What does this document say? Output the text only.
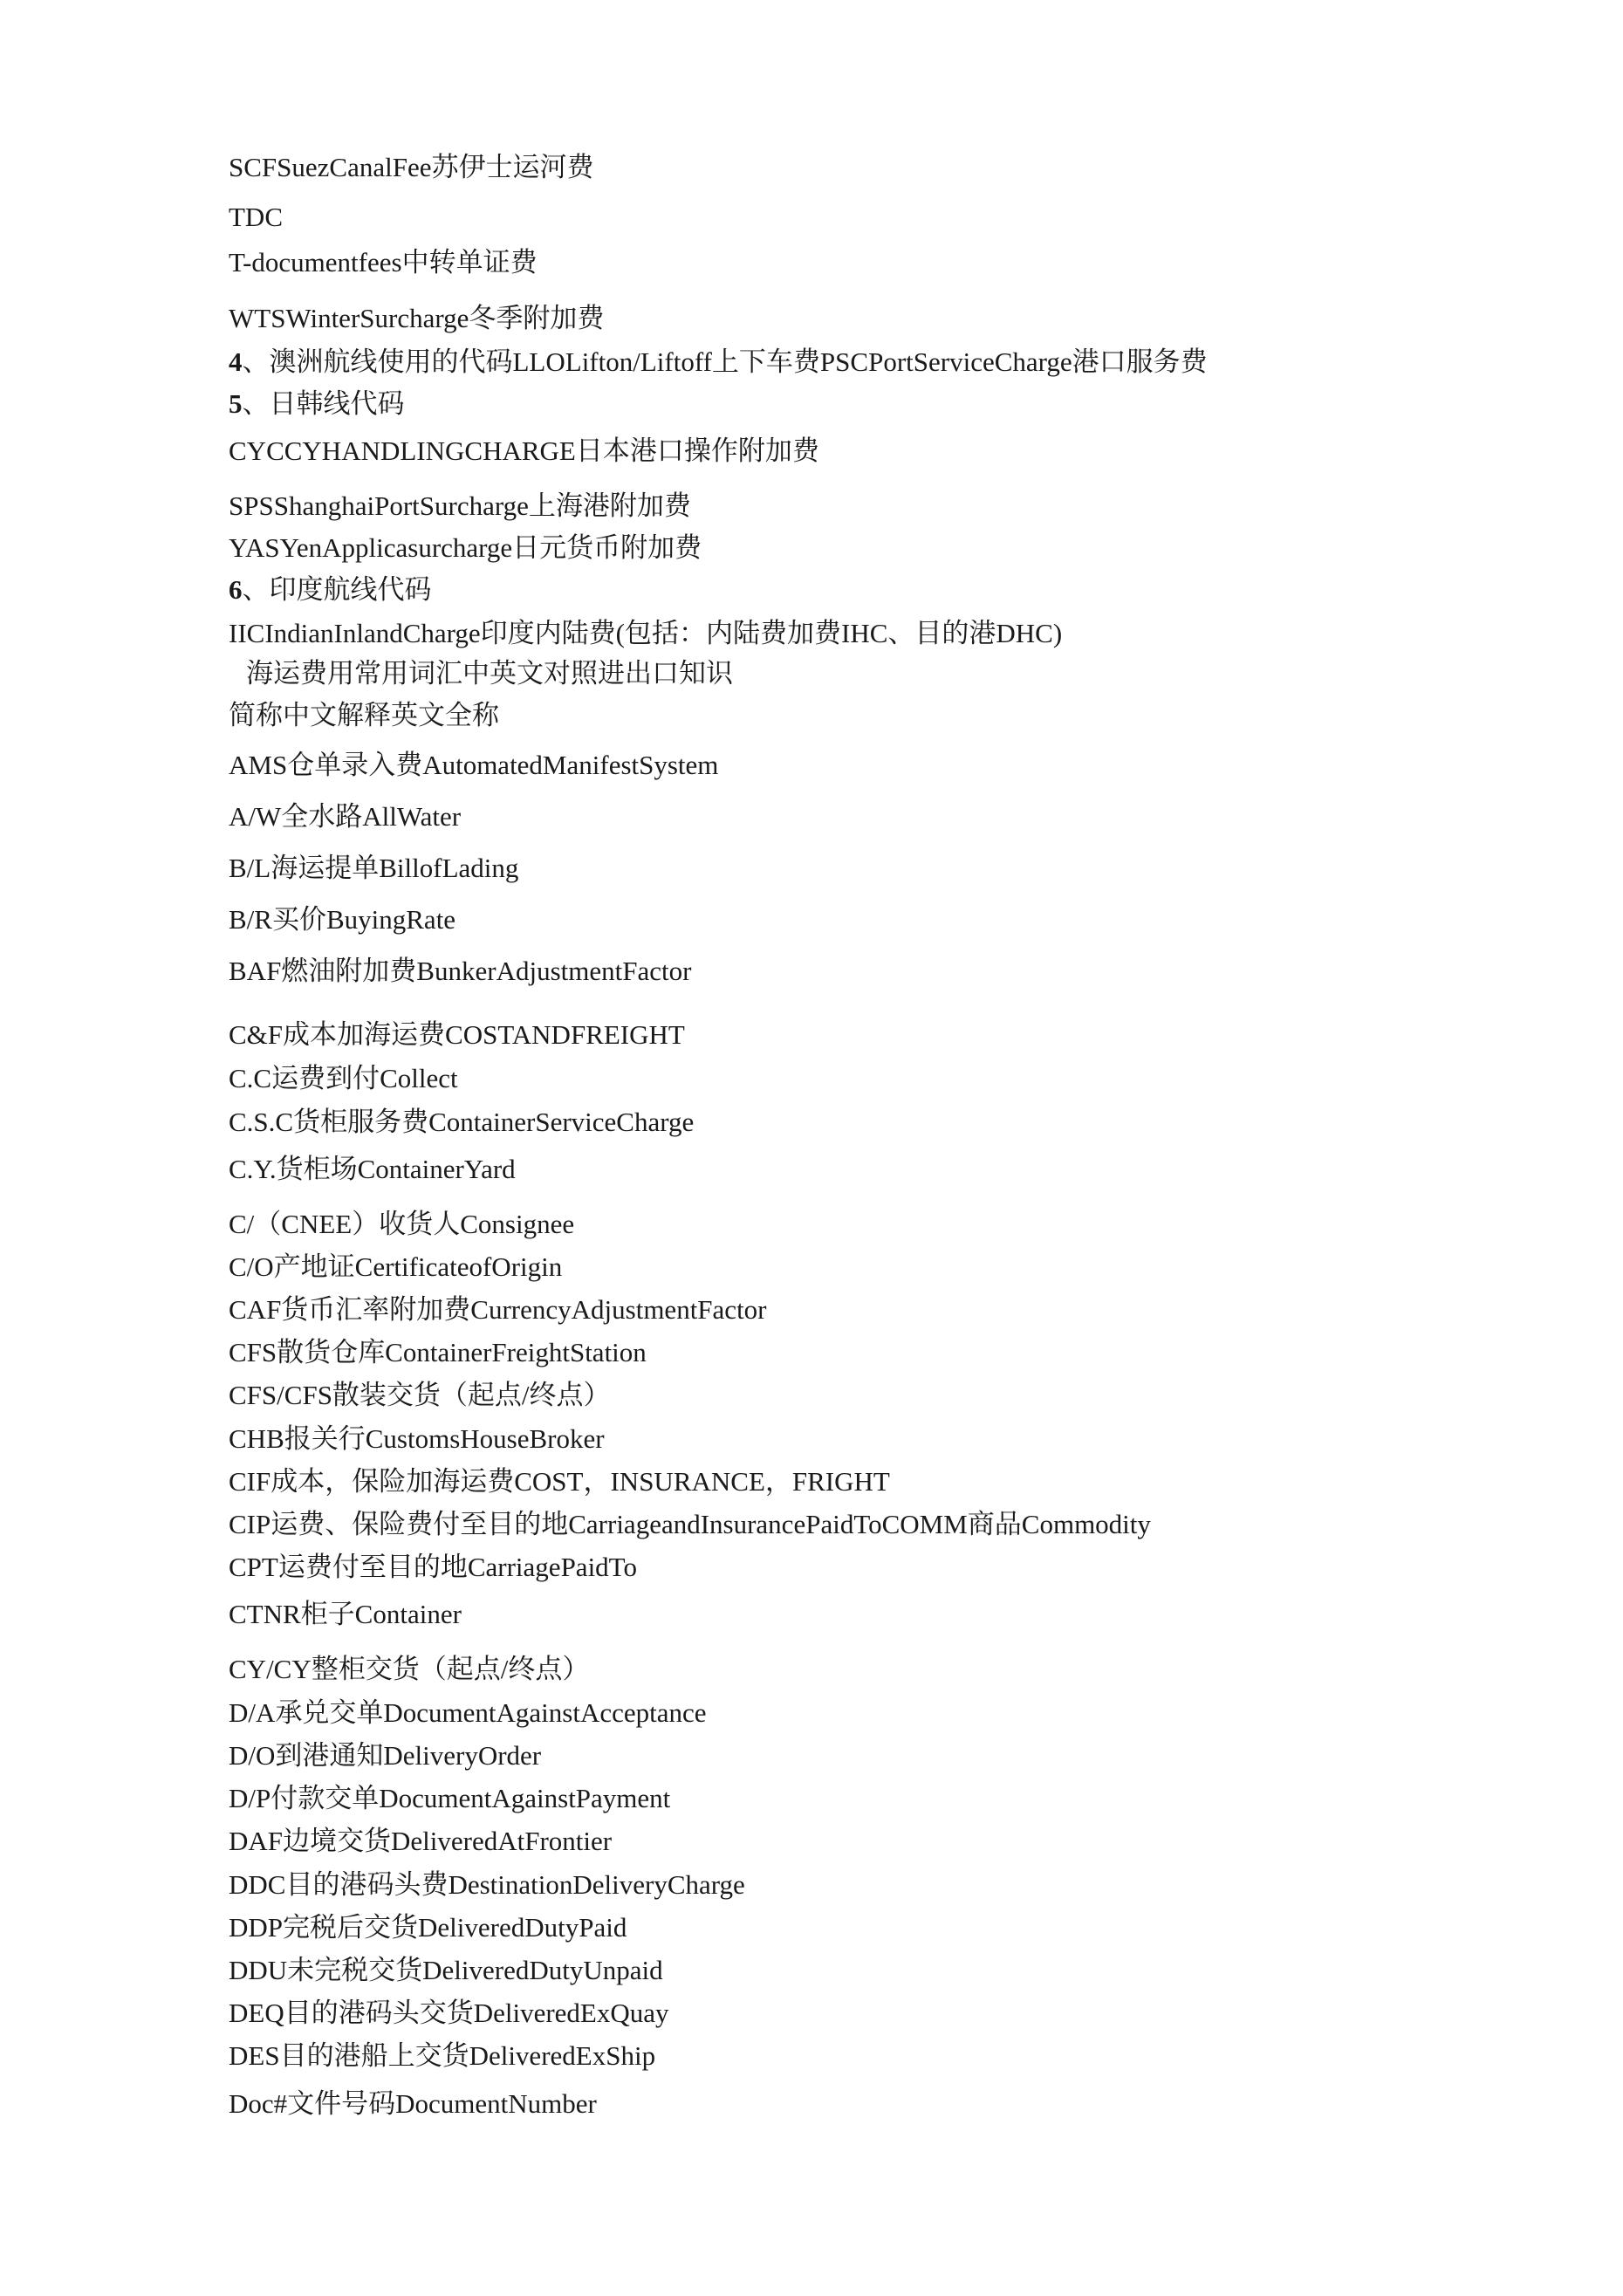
SCFSuezCanalFee苏伊士运河费
TDC
T-documentfees中转单证费
WTSWinterSurcharge冬季附加费
4、澳洲航线使用的代码LLOLifton/Liftoff上下车费PSCPortServiceCharge港口服务费
5、日韩线代码
CYCCYHANDLINGCHARGE日本港口操作附加费
SPSShanghaiPortSurcharge上海港附加费
YASYenApplicasurcharge日元货币附加费
6、印度航线代码
IICIndianInlandCharge印度内陆费(包括：内陆费加费IHC、目的港DHC)
海运费用常用词汇中英文对照进出口知识
简称中文解释英文全称
AMS仓单录入费AutomatedManifestSystem
A/W全水路AllWater
B/L海运提单BillofLading
B/R买价BuyingRate
BAF燃油附加费BunkerAdjustmentFactor
C&F成本加海运费COSTANDFREIGHT
C.C运费到付Collect
C.S.C货柜服务费ContainerServiceCharge
C.Y.货柜场ContainerYard
C/（CNEE）收货人Consignee
C/O产地证CertificateofOrigin
CAF货币汇率附加费CurrencyAdjustmentFactor
CFS散货仓库ContainerFreightStation
CFS/CFS散装交货（起点/终点）
CHB报关行CustomsHouseBroker
CIF成本，保险加海运费COST，INSURANCE，FRIGHT
CIP运费、保险费付至目的地CarriageandInsurancePaidToCOMM商品Commodity
CPT运费付至目的地CarriagePaidTo
CTNR柜子Container
CY/CY整柜交货（起点/终点）
D/A承兑交单DocumentAgainstAcceptance
D/O到港通知DeliveryOrder
D/P付款交单DocumentAgainstPayment
DAF边境交货DeliveredAtFrontier
DDC目的港码头费DestinationDeliveryCharge
DDP完税后交货DeliveredDutyPaid
DDU未完税交货DeliveredDutyUnpaid
DEQ目的港码头交货DeliveredExQuay
DES目的港船上交货DeliveredExShip
Doc#文件号码DocumentNumber
